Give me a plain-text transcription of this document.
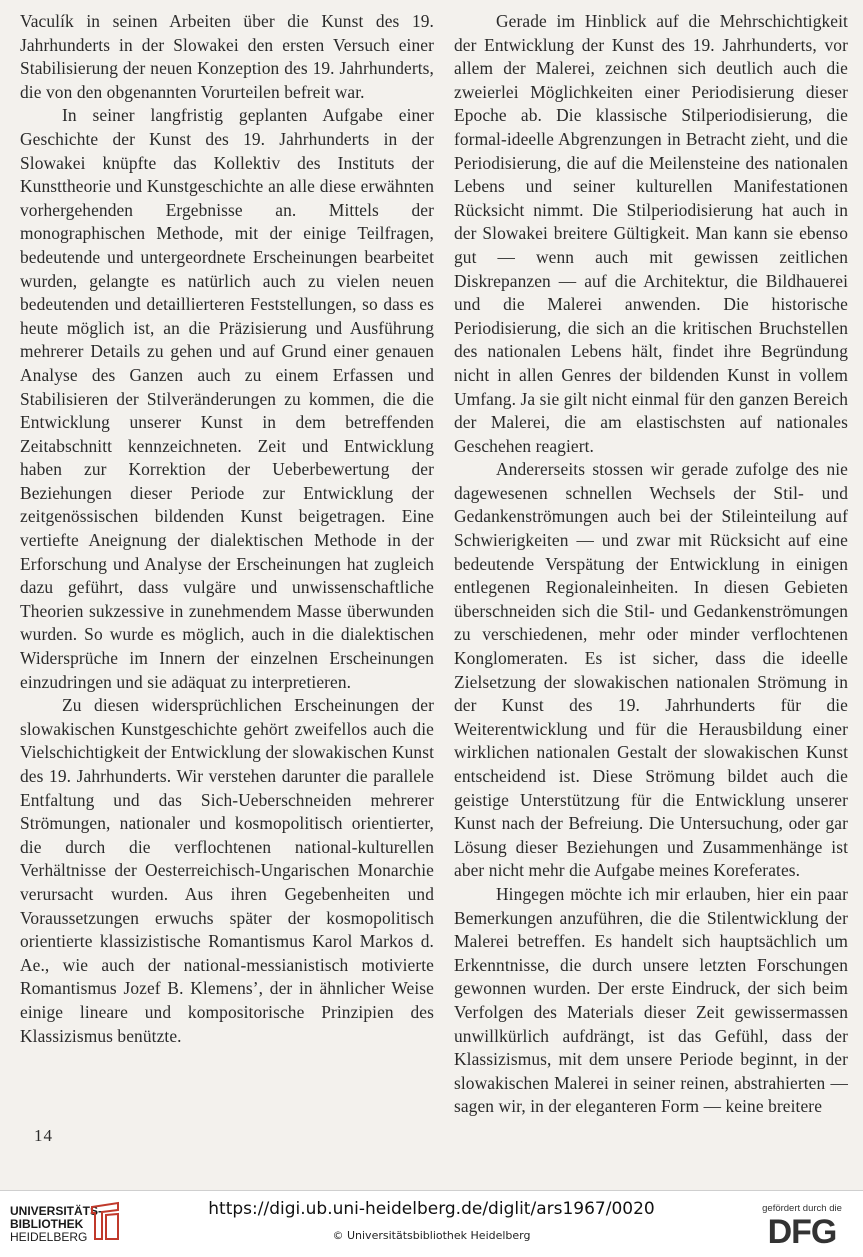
Vaculík in seinen Arbeiten über die Kunst des 19. Jahrhunderts in der Slowakei den ersten Versuch einer Stabilisierung der neuen Konzeption des 19. Jahrhunderts, die von den obgenannten Vorurteilen befreit war.

In seiner langfristig geplanten Aufgabe einer Geschichte der Kunst des 19. Jahrhunderts in der Slowakei knüpfte das Kollektiv des Instituts der Kunsttheorie und Kunstgeschichte an alle diese erwähnten vorhergehenden Ergebnisse an. Mittels der monographischen Methode, mit der einige Teilfragen, bedeutende und untergeordnete Erscheinungen bearbeitet wurden, gelangte es natürlich auch zu vielen neuen bedeutenden und detaillierteren Feststellungen, so dass es heute möglich ist, an die Präzisierung und Ausführung mehrerer Details zu gehen und auf Grund einer genauen Analyse des Ganzen auch zu einem Erfassen und Stabilisieren der Stilveränderungen zu kommen, die die Entwicklung unserer Kunst in dem betreffenden Zeitabschnitt kennzeichneten. Zeit und Entwicklung haben zur Korrektion der Ueberbewertung der Beziehungen dieser Periode zur Entwicklung der zeitgenössischen bildenden Kunst beigetragen. Eine vertiefte Aneignung der dialektischen Methode in der Erforschung und Analyse der Erscheinungen hat zugleich dazu geführt, dass vulgäre und unwissenschaftliche Theorien sukzessive in zunehmendem Masse überwunden wurden. So wurde es möglich, auch in die dialektischen Widersprüche im Innern der einzelnen Erscheinungen einzudringen und sie adäquat zu interpretieren.

Zu diesen widersprüchlichen Erscheinungen der slowakischen Kunstgeschichte gehört zweifellos auch die Vielschichtigkeit der Entwicklung der slowakischen Kunst des 19. Jahrhunderts. Wir verstehen darunter die parallele Entfaltung und das Sich-Ueberschneiden mehrerer Strömungen, nationaler und kosmopolitisch orientierter, die durch die verflochtenen national-kulturellen Verhältnisse der Oesterreichisch-Ungarischen Monarchie verursacht wurden. Aus ihren Gegebenheiten und Voraussetzungen erwuchs später der kosmopolitisch orientierte klassizistische Romantismus Karol Markos d. Ae., wie auch der national-messianistisch motivierte Romantismus Jozef B. Klemens’, der in ähnlicher Weise einige lineare und kompositorische Prinzipien des Klassizismus benützte.

Gerade im Hinblick auf die Mehrschichtigkeit der Entwicklung der Kunst des 19. Jahrhunderts, vor allem der Malerei, zeichnen sich deutlich auch die zweierlei Möglichkeiten einer Periodisierung dieser Epoche ab. Die klassische Stilperiodisierung, die formal-ideelle Abgrenzungen in Betracht zieht, und die Periodisierung, die auf die Meilensteine des nationalen Lebens und seiner kulturellen Manifestationen Rücksicht nimmt. Die Stilperiodisierung hat auch in der Slowakei breitere Gültigkeit. Man kann sie ebenso gut — wenn auch mit gewissen zeitlichen Diskrepanzen — auf die Architektur, die Bildhauerei und die Malerei anwenden. Die historische Periodisierung, die sich an die kritischen Bruchstellen des nationalen Lebens hält, findet ihre Begründung nicht in allen Genres der bildenden Kunst in vollem Umfang. Ja sie gilt nicht einmal für den ganzen Bereich der Malerei, die am elastischsten auf nationales Geschehen reagiert.

Andererseits stossen wir gerade zufolge des nie dagewesenen schnellen Wechsels der Stil- und Gedankenströmungen auch bei der Stileinteilung auf Schwierigkeiten — und zwar mit Rücksicht auf eine bedeutende Verspätung der Entwicklung in einigen entlegenen Regionaleinheiten. In diesen Gebieten überschneiden sich die Stil- und Gedankenströmungen zu verschiedenen, mehr oder minder verflochtenen Konglomeraten. Es ist sicher, dass die ideelle Zielsetzung der slowakischen nationalen Strömung in der Kunst des 19. Jahrhunderts für die Weiterentwicklung und für die Herausbildung einer wirklichen nationalen Gestalt der slowakischen Kunst entscheidend ist. Diese Strömung bildet auch die geistige Unterstützung für die Entwicklung unserer Kunst nach der Befreiung. Die Untersuchung, oder gar Lösung dieser Beziehungen und Zusammenhänge ist aber nicht mehr die Aufgabe meines Koreferates.

Hingegen möchte ich mir erlauben, hier ein paar Bemerkungen anzuführen, die die Stilentwicklung der Malerei betreffen. Es handelt sich hauptsächlich um Erkenntnisse, die durch unsere letzten Forschungen gewonnen wurden. Der erste Eindruck, der sich beim Verfolgen des Materials dieser Zeit gewissermassen unwillkürlich aufdrängt, ist das Gefühl, dass der Klassizismus, mit dem unsere Periode beginnt, in der slowakischen Malerei in seiner reinen, abstrahierten — sagen wir, in der eleganteren Form — keine breitere

14
UNIVERSITÄTS-
BIBLIOTHEK
HEIDELBERG
https://digi.ub.uni-heidelberg.de/diglit/ars1967/0020
© Universitätsbibliothek Heidelberg
gefördert durch die
DFG
